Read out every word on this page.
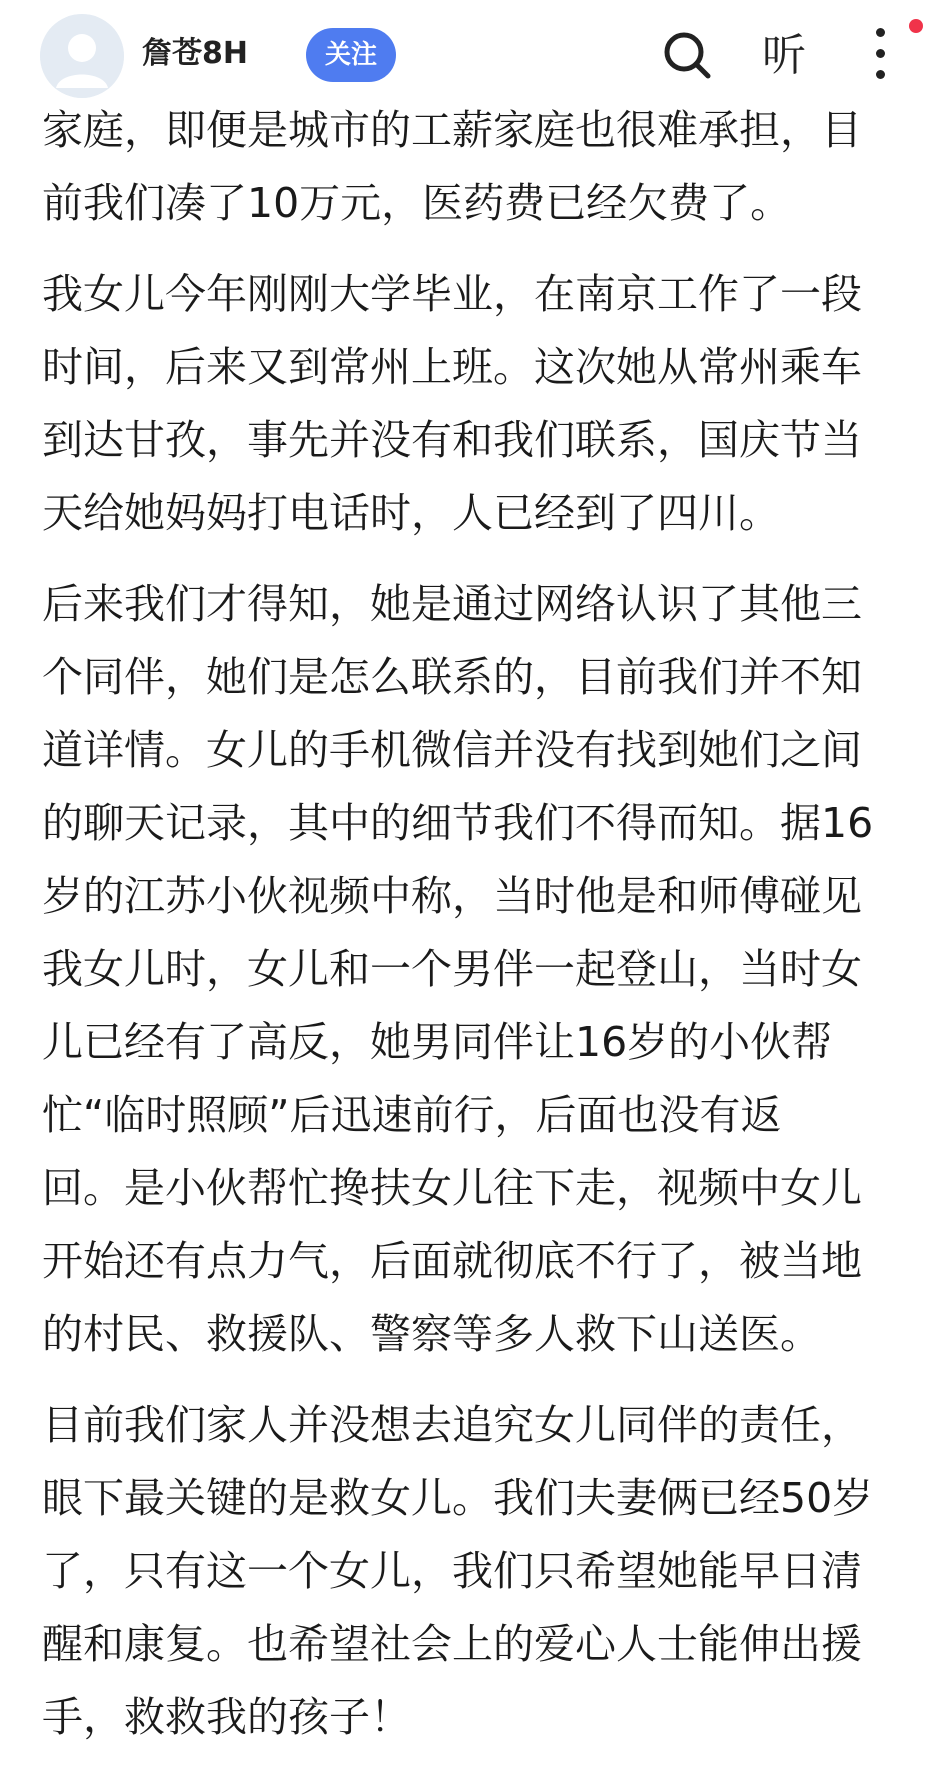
詹苍8H	关注	听

家庭，即便是城市的工薪家庭也很难承担，目
前我们凑了10万元，医药费已经欠费了。

我女儿今年刚刚大学毕业，在南京工作了一段
时间，后来又到常州上班。这次她从常州乘车
到达甘孜，事先并没有和我们联系，国庆节当
天给她妈妈打电话时，人已经到了四川。

后来我们才得知，她是通过网络认识了其他三
个同伴，她们是怎么联系的，目前我们并不知
道详情。女儿的手机微信并没有找到她们之间
的聊天记录，其中的细节我们不得而知。据16
岁的江苏小伙视频中称，当时他是和师傅碰见
我女儿时，女儿和一个男伴一起登山，当时女
儿已经有了高反，她男同伴让16岁的小伙帮
忙“临时照顾”后迅速前行，后面也没有返
回。是小伙帮忙搀扶女儿往下走，视频中女儿
开始还有点力气，后面就彻底不行了，被当地
的村民、救援队、警察等多人救下山送医。

目前我们家人并没想去追究女儿同伴的责任，
眼下最关键的是救女儿。我们夫妻俩已经50岁
了，只有这一个女儿，我们只希望她能早日清
醒和康复。也希望社会上的爱心人士能伸出援
手，救救我的孩子！
